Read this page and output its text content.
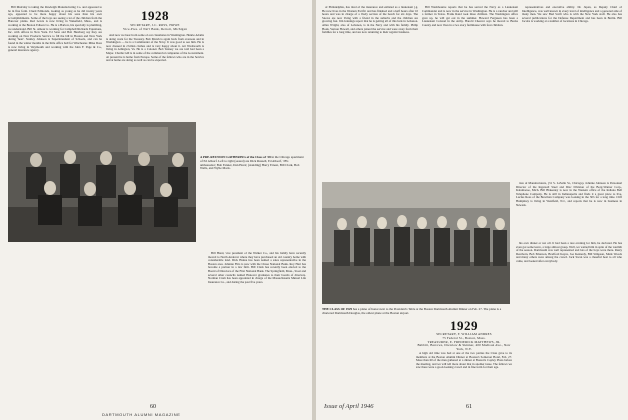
Bill Mulcahy is taking the Rawleigh Manufacturing Co. and appeared to be in fine form. Cluett Edmonds, looking as young as he did twenty years ago, appeared to be more happy about his sons than his own accomplishments. Some of the boys are seeing a lot of the children from the Hanover plains. Red Lewis is now living in Wakefield, Mass., and is working at the Boston Edison Co. He is a Barlow, his specialty is plumbing, we understand. Bill St. Amour is working for Campbell Richards Equations, Inc. with offices in New York. Ed Saxe and Bob Herzberg say they are working on New Products Service to fill the bill in Boston and New York during 'heat'. Stanley Johnson is Superintendent of Schools, and can be found in the winter months in the little office hall for Winchester. Mike Dore is now living in Weymouth and working with the John F. Page & Co., general insurance agency.

1928
SECRETARY, J.C. ROSS, HOWE
Vice-Pres. of Nat'l Bank, Detroit, Michigan

And now we hear from some of our classmates in Washington. Henrie Adams is doing work for the Treasury. Bob Marsh is again back from overseas and in Washington — he is a Commander of the Navy. It was good to see him. He is now dressed in civilian clothes and is very happy about it. Art Wadsworth is living in Arlington, Va. He is a Colonel. Bob Tenney we are told had been a Major. Charlie Gill is in some of the commercial companies of the Government. At present he is home from Europe. Some of the fellows who are in the Service and at home are doing as well as can be expected.

A PRE-REUNION GATHERING of the Class of '28 in the Chicago apartment of Ed Allsorf. Left to right (seated) are Dick Russell, Ed Allsorf, '28's ambassador; Bob Fenner, Dan Horst; (standing) Harry Ernest, Bill Clark, Bob Wells, and Wylie Mack.

Bill Hand, vice president of the Walker Co., and his family have recently moved to North Andover where they have purchased an old country home with considerable land. Dick Hanna has been named a sales representative in the Boston area. Johnnie Fitts is now with the Chase National Bank. Roy Hart has become a partner in a law firm. Bill Clark has recently been elected to the Board of Directors of the First National Bank. The Springfield, Mass., Stoat and several other councils named Hanover graduates to their boards of directors. Norman Cram has been appointed in charge of the Massachusetts Mutual Life Insurance Co., and during the past five years.

60
DARTMOUTH ALUMNI MAGAZINE

of Philadelphia, has tired of the insurance and enlisted as a lieutenant j.g. He now lives in the Western Pacific and has finished and a half hours after 10 hours and was in charge of a lively section of the beach for six days. The Snows are now living with a friend in the suburbs and the children are growing fast. Jim Jennings report that he is getting all of this luck in Lebanon. Allan Wright, also of Lebanon, is in the Navy and with his family. Philip Hoak, Vernon Howell, and others joined the service and were away from their families for a long time, and are now returning to their regular business.

Bill Washbourne reports that he has served the Navy as a Lieutenant Commander and is now in the service in Washington. He is a rancher and still a farmer in Texas. Frank Rand took three children. The Washington office gave up, he will get out in the summer. Howard Ferguson has been a Lieutenant Colonel in the Army. Harold Cheever says he moved to Bucks County and now lives in a two story farmhouse with four children.

representatives and executive ability. Dr. Japan, as Deputy Chief of Intelligence, was well known in every level of intelligence and a personal aide of many men. We saw Bud Swift who is with the New York staff. He also has several publications for the Defense Department and has been in Berlin. Bill Jacobs is working at a number of locations in Chicago.

tion of Manufacturers, (31 S. LaSalle St., Chicago). Johnnie Johnson is Personnel Director of the Ingersoll Steel and Disc Division of the Borg-Warner Corp., Kalamazoo, Mich. Bill Blakesley is now in the Western office of the Indiana Bell Telephone Company. He is still in Indianapolis and finds it a great place to live. Lucius Ross of the Bowman Company was looking in the 30's for a long time. Cliff Humphrey is living in Westfield, N.J., and reports that he is now in business in Newark.

THE CLASS OF 1929 has a plane of honor next to the President's Table at the Boston Dartmouth Alumni Dinner on Feb. 27. The plane is a chartered Dartmouth Douglas, the oldest plane at the Boston airport.
1929
SECRETARY, F. WILLIAM ANDRES
75 Federal St., Boston, Mass.
TREASURER, E. FREDERICK MATTHEWS, JR.
Babbitt, Barrows, Drewlow & Skinner, 400 Madison Ave., New York, N.Y.

A high old time was had at one of the two parties the Class gave to its members at the Boston Alumni Dinner at Boston's Somerset Hotel, Feb. 27. More than 60 of the men gathered at a dinner at Boston's Copley Plaza before the meeting, and we will tell more about that in another issue. The fellows we saw there were a good-looking crowd and in fine form for their age.

his own dinner or not off. It had been a rare evening for him, he declared. He has even got some leave, a large almost group. Well, we waited him in spite of the warmth of the season. Dartmouth was well represented and lots of the boys were there. Rusty Dearborn, Bob Emerson, Bradford Keyes, Joe Kennedy, Bill Simpson, Mark Woods and many others were among the crowd. Jack Swan was a cheerful host to all who came, and looked after everybody.

Issue of April 1946	61
